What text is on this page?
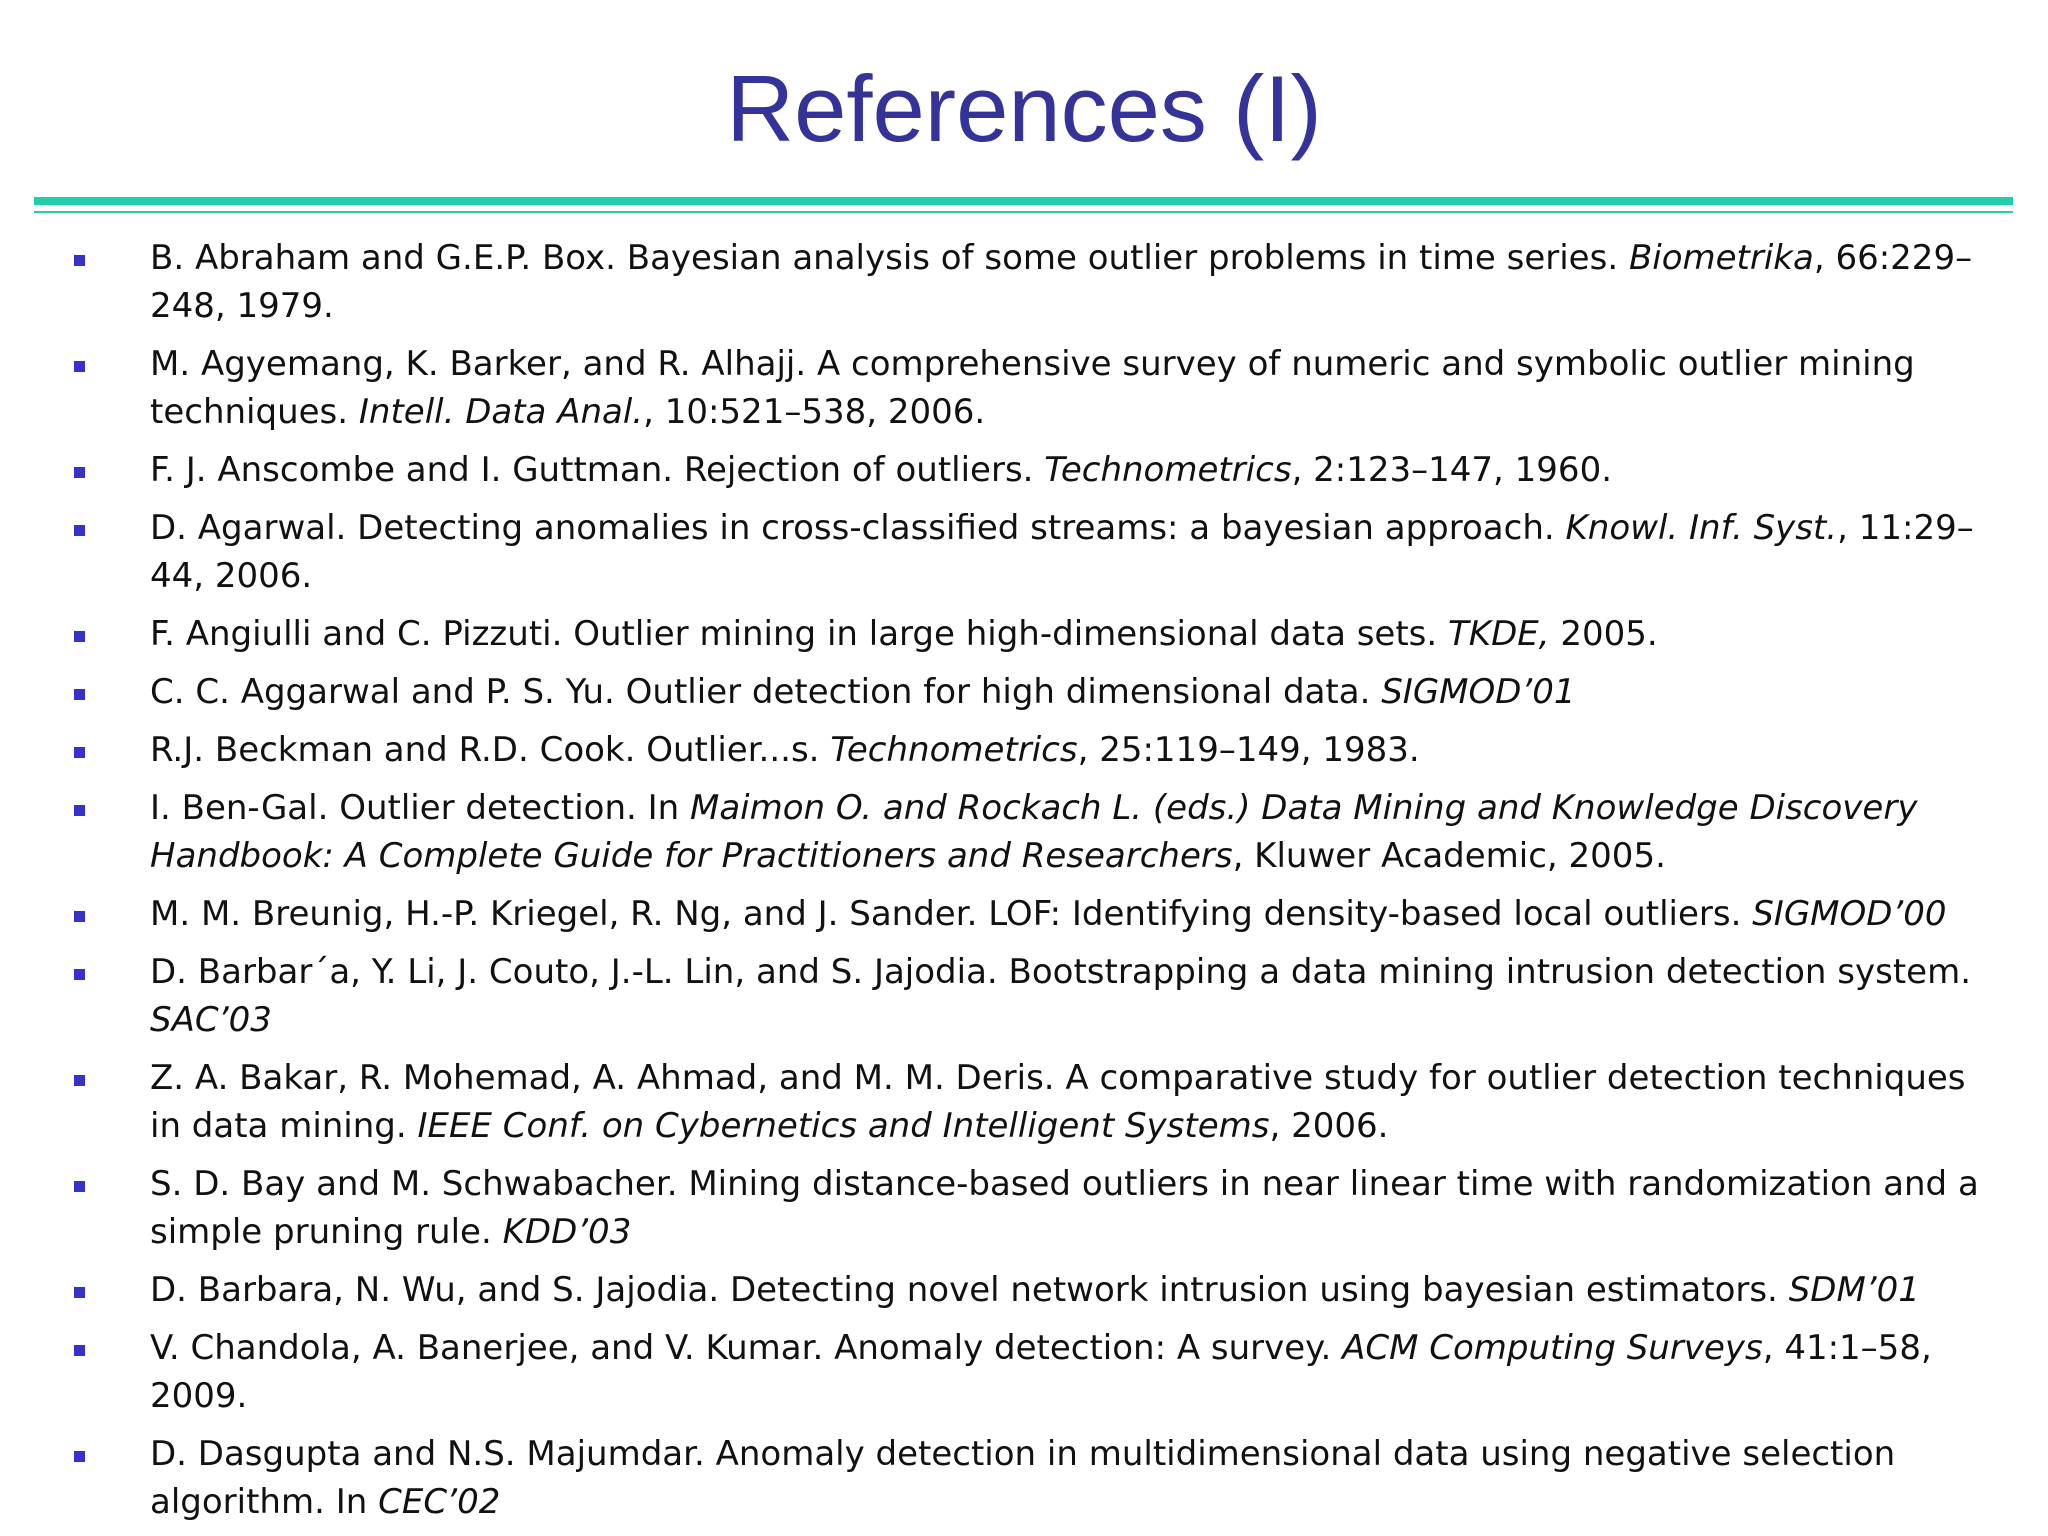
References (I)
B. Abraham and G.E.P. Box. Bayesian analysis of some outlier problems in time series. Biometrika, 66:229–248, 1979.
M. Agyemang, K. Barker, and R. Alhajj. A comprehensive survey of numeric and symbolic outlier mining techniques. Intell. Data Anal., 10:521–538, 2006.
F. J. Anscombe and I. Guttman. Rejection of outliers. Technometrics, 2:123–147, 1960.
D. Agarwal. Detecting anomalies in cross-classified streams: a bayesian approach. Knowl. Inf. Syst., 11:29–44, 2006.
F. Angiulli and C. Pizzuti. Outlier mining in large high-dimensional data sets. TKDE, 2005.
C. C. Aggarwal and P. S. Yu. Outlier detection for high dimensional data. SIGMOD’01
R.J. Beckman and R.D. Cook. Outlier...s. Technometrics, 25:119–149, 1983.
I. Ben-Gal. Outlier detection. In Maimon O. and Rockach L. (eds.) Data Mining and Knowledge Discovery Handbook: A Complete Guide for Practitioners and Researchers, Kluwer Academic, 2005.
M. M. Breunig, H.-P. Kriegel, R. Ng, and J. Sander. LOF: Identifying density-based local outliers. SIGMOD’00
D. Barbar´a, Y. Li, J. Couto, J.-L. Lin, and S. Jajodia. Bootstrapping a data mining intrusion detection system. SAC’03
Z. A. Bakar, R. Mohemad, A. Ahmad, and M. M. Deris. A comparative study for outlier detection techniques in data mining. IEEE Conf. on Cybernetics and Intelligent Systems, 2006.
S. D. Bay and M. Schwabacher. Mining distance-based outliers in near linear time with randomization and a simple pruning rule. KDD’03
D. Barbara, N. Wu, and S. Jajodia. Detecting novel network intrusion using bayesian estimators. SDM’01
V. Chandola, A. Banerjee, and V. Kumar. Anomaly detection: A survey. ACM Computing Surveys, 41:1–58, 2009.
D. Dasgupta and N.S. Majumdar. Anomaly detection in multidimensional data using negative selection algorithm. In CEC’02
